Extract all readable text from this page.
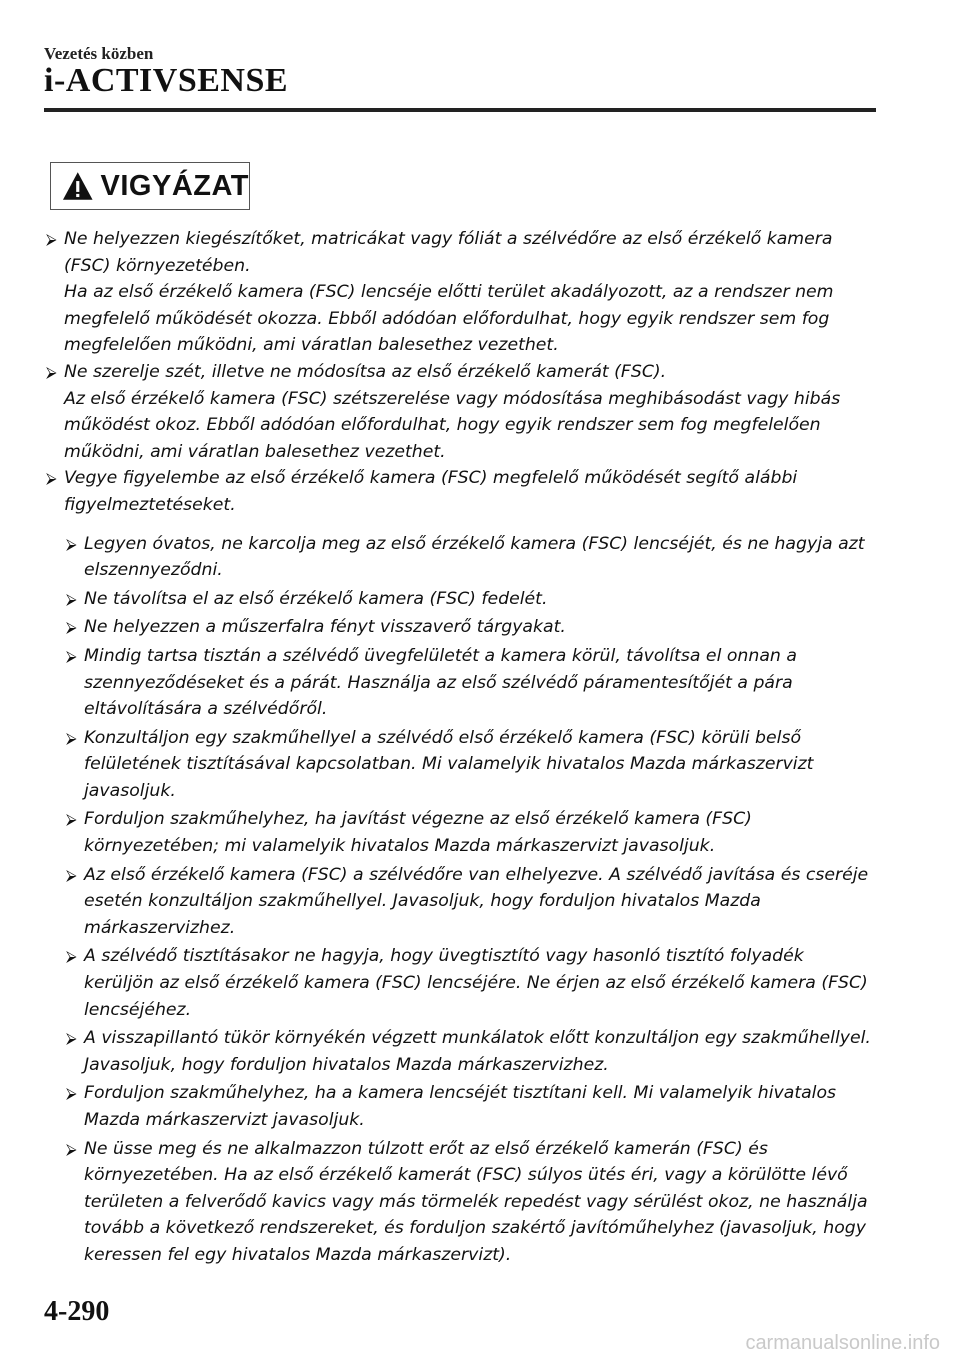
Vezetés közben
i-ACTIVSENSE
VIGYÁZAT
⮚ Ne helyezzen kiegészítőket, matricákat vagy fóliát a szélvédőre az első érzékelő kamera (FSC) környezetében.

Ha az első érzékelő kamera (FSC) lencséje előtti terület akadályozott, az a rendszer nem megfelelő működését okozza. Ebből adódóan előfordulhat, hogy egyik rendszer sem fog megfelelően működni, ami váratlan balesethez vezethet.

⮚ Ne szerelje szét, illetve ne módosítsa az első érzékelő kamerát (FSC).

Az első érzékelő kamera (FSC) szétszerelése vagy módosítása meghibásodást vagy hibás működést okoz. Ebből adódóan előfordulhat, hogy egyik rendszer sem fog megfelelően működni, ami váratlan balesethez vezethet.

⮚ Vegye figyelembe az első érzékelő kamera (FSC) megfelelő működését segítő alábbi figyelmeztetéseket.

⮚ Legyen óvatos, ne karcolja meg az első érzékelő kamera (FSC) lencséjét, és ne hagyja azt elszennyeződni.
⮚ Ne távolítsa el az első érzékelő kamera (FSC) fedelét.
⮚ Ne helyezzen a műszerfalra fényt visszaverő tárgyakat.
⮚ Mindig tartsa tisztán a szélvédő üvegfelületét a kamera körül, távolítsa el onnan a szennyeződéseket és a párát. Használja az első szélvédő páramentesítőjét a pára eltávolítására a szélvédőről.
⮚ Konzultáljon egy szakműhellyel a szélvédő első érzékelő kamera (FSC) körüli belső felületének tisztításával kapcsolatban. Mi valamelyik hivatalos Mazda márkaszervizt javasoljuk.
⮚ Forduljon szakműhelyhez, ha javítást végezne az első érzékelő kamera (FSC) környezetében; mi valamelyik hivatalos Mazda márkaszervizt javasoljuk.
⮚ Az első érzékelő kamera (FSC) a szélvédőre van elhelyezve. A szélvédő javítása és cseréje esetén konzultáljon szakműhellyel. Javasoljuk, hogy forduljon hivatalos Mazda márkaszervizhez.
⮚ A szélvédő tisztításakor ne hagyja, hogy üvegtisztító vagy hasonló tisztító folyadék kerüljön az első érzékelő kamera (FSC) lencséjére. Ne érjen az első érzékelő kamera (FSC) lencséjéhez.
⮚ A visszapillantó tükör környékén végzett munkálatok előtt konzultáljon egy szakműhellyel. Javasoljuk, hogy forduljon hivatalos Mazda márkaszervizhez.
⮚ Forduljon szakműhelyhez, ha a kamera lencséjét tisztítani kell. Mi valamelyik hivatalos Mazda márkaszervizt javasoljuk.
⮚ Ne üsse meg és ne alkalmazzon túlzott erőt az első érzékelő kamerán (FSC) és környezetében. Ha az első érzékelő kamerát (FSC) súlyos ütés éri, vagy a körülötte lévő területen a felverődő kavics vagy más törmelék repedést vagy sérülést okoz, ne használja tovább a következő rendszereket, és forduljon szakértő javítóműhelyhez (javasoljuk, hogy keressen fel egy hivatalos Mazda márkaszervizt).
4-290
carmanualsonline.info
